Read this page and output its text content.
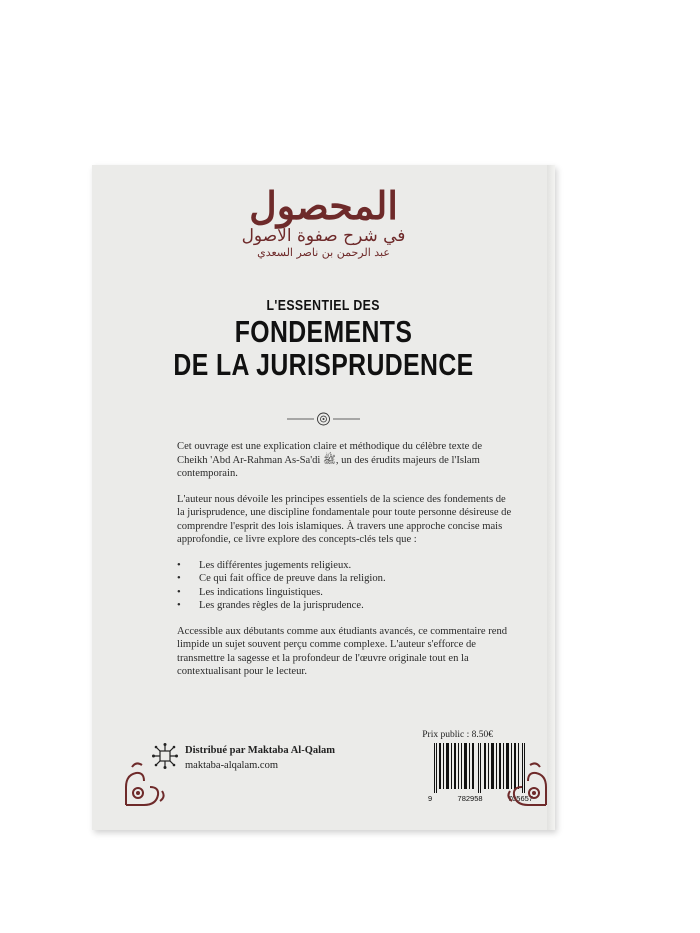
المحصول
في شرح صفوة الأصول
عبد الرحمن بن ناصر السعدي
L'ESSENTIEL DES
FONDEMENTS
DE LA JURISPRUDENCE

Cet ouvrage est une explication claire et méthodique du célèbre texte de Cheikh 'Abd Ar-Rahman As-Sa'di ﷺ, un des érudits majeurs de l'Islam contemporain.

L'auteur nous dévoile les principes essentiels de la science des fondements de la jurisprudence, une discipline fondamentale pour toute personne désireuse de comprendre l'esprit des lois islamiques. À travers une approche concise mais approfondie, ce livre explore des concepts-clés tels que :

• Les différentes jugements religieux.
• Ce qui fait office de preuve dans la religion.
• Les indications linguistiques.
• Les grandes règles de la jurisprudence.

Accessible aux débutants comme aux étudiants avancés, ce commentaire rend limpide un sujet souvent perçu comme complexe. L'auteur s'efforce de transmettre la sagesse et la profondeur de l'œuvre originale tout en la contextualisant pour le lecteur.

Prix public : 8.50€
Distribué par Maktaba Al-Qalam
maktaba-alqalam.com
9	782958	705657
